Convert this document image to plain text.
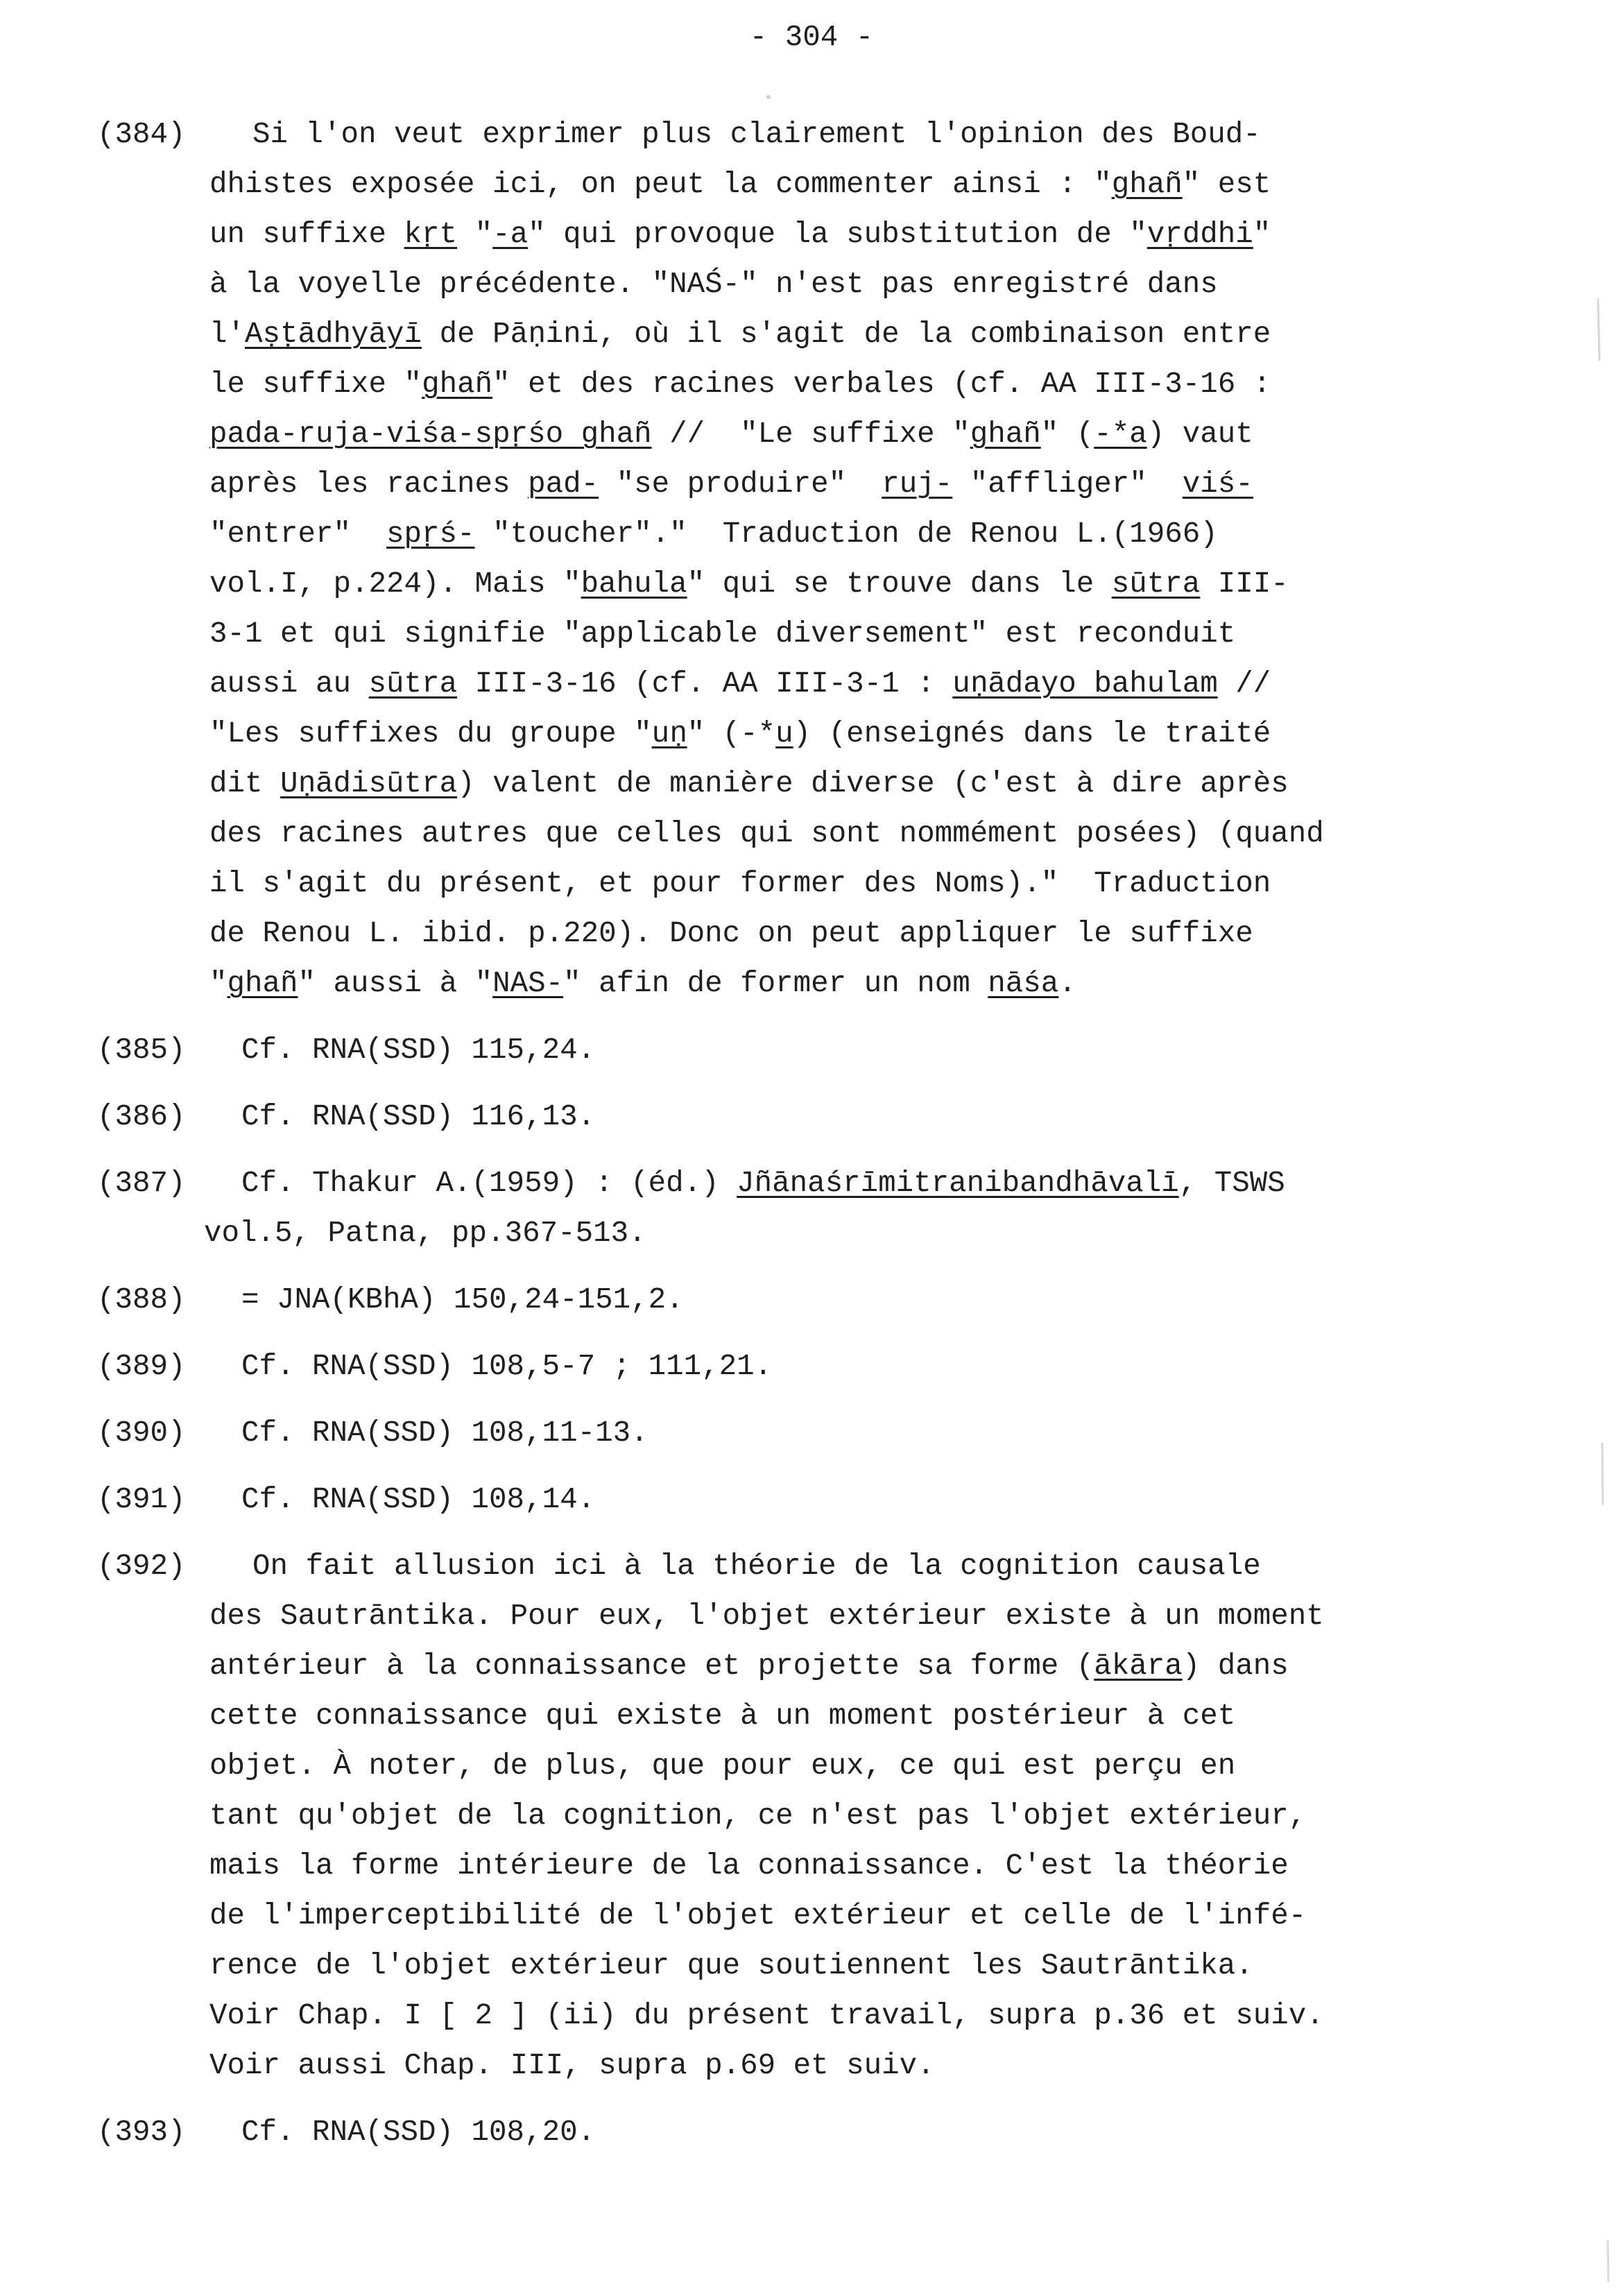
- 304 -
(384)	Si l'on veut exprimer plus clairement l'opinion des Boud-
dhistes exposée ici, on peut la commenter ainsi : "ghañ" est
un suffixe kṛt "-a" qui provoque la substitution de "vṛddhi"
à la voyelle précédente. "NAŚ-" n'est pas enregistré dans
l'Aṣṭādhyāyī de Pāṇini, où il s'agit de la combinaison entre
le suffixe "ghañ" et des racines verbales (cf. AA III-3-16 :
pada-ruja-viśa-spṛśo ghañ //  "Le suffixe "ghañ" (-*a) vaut
après les racines pad- "se produire"  ruj- "affliger"  viś-
"entrer"  spṛś- "toucher"."  Traduction de Renou L.(1966)
vol.I, p.224). Mais "bahula" qui se trouve dans le sūtra III-
3-1 et qui signifie "applicable diversement" est reconduit
aussi au sūtra III-3-16 (cf. AA III-3-1 : uṇādayo bahulam //
"Les suffixes du groupe "uṇ" (-*u) (enseignés dans le traité
dit Uṇādisūtra) valent de manière diverse (c'est à dire après
des racines autres que celles qui sont nommément posées) (quand
il s'agit du présent, et pour former des Noms)."  Traduction
de Renou L. ibid. p.220). Donc on peut appliquer le suffixe
"ghañ" aussi à "NAS-" afin de former un nom nāśa.
(385)	Cf. RNA(SSD) 115,24.
(386)	Cf. RNA(SSD) 116,13.
(387)	Cf. Thakur A.(1959) : (éd.) Jñānaśrīmitranibandhāvalī, TSWS
vol.5, Patna, pp.367-513.
(388)	= JNA(KBhA) 150,24-151,2.
(389)	Cf. RNA(SSD) 108,5-7 ; 111,21.
(390)	Cf. RNA(SSD) 108,11-13.
(391)	Cf. RNA(SSD) 108,14.
(392)	On fait allusion ici à la théorie de la cognition causale
des Sautrāntika. Pour eux, l'objet extérieur existe à un moment
antérieur à la connaissance et projette sa forme (ākāra) dans
cette connaissance qui existe à un moment postérieur à cet
objet. À noter, de plus, que pour eux, ce qui est perçu en
tant qu'objet de la cognition, ce n'est pas l'objet extérieur,
mais la forme intérieure de la connaissance. C'est la théorie
de l'imperceptibilité de l'objet extérieur et celle de l'infé-
rence de l'objet extérieur que soutiennent les Sautrāntika.
Voir Chap. I [ 2 ] (ii) du présent travail, supra p.36 et suiv.
Voir aussi Chap. III, supra p.69 et suiv.
(393)	Cf. RNA(SSD) 108,20.
